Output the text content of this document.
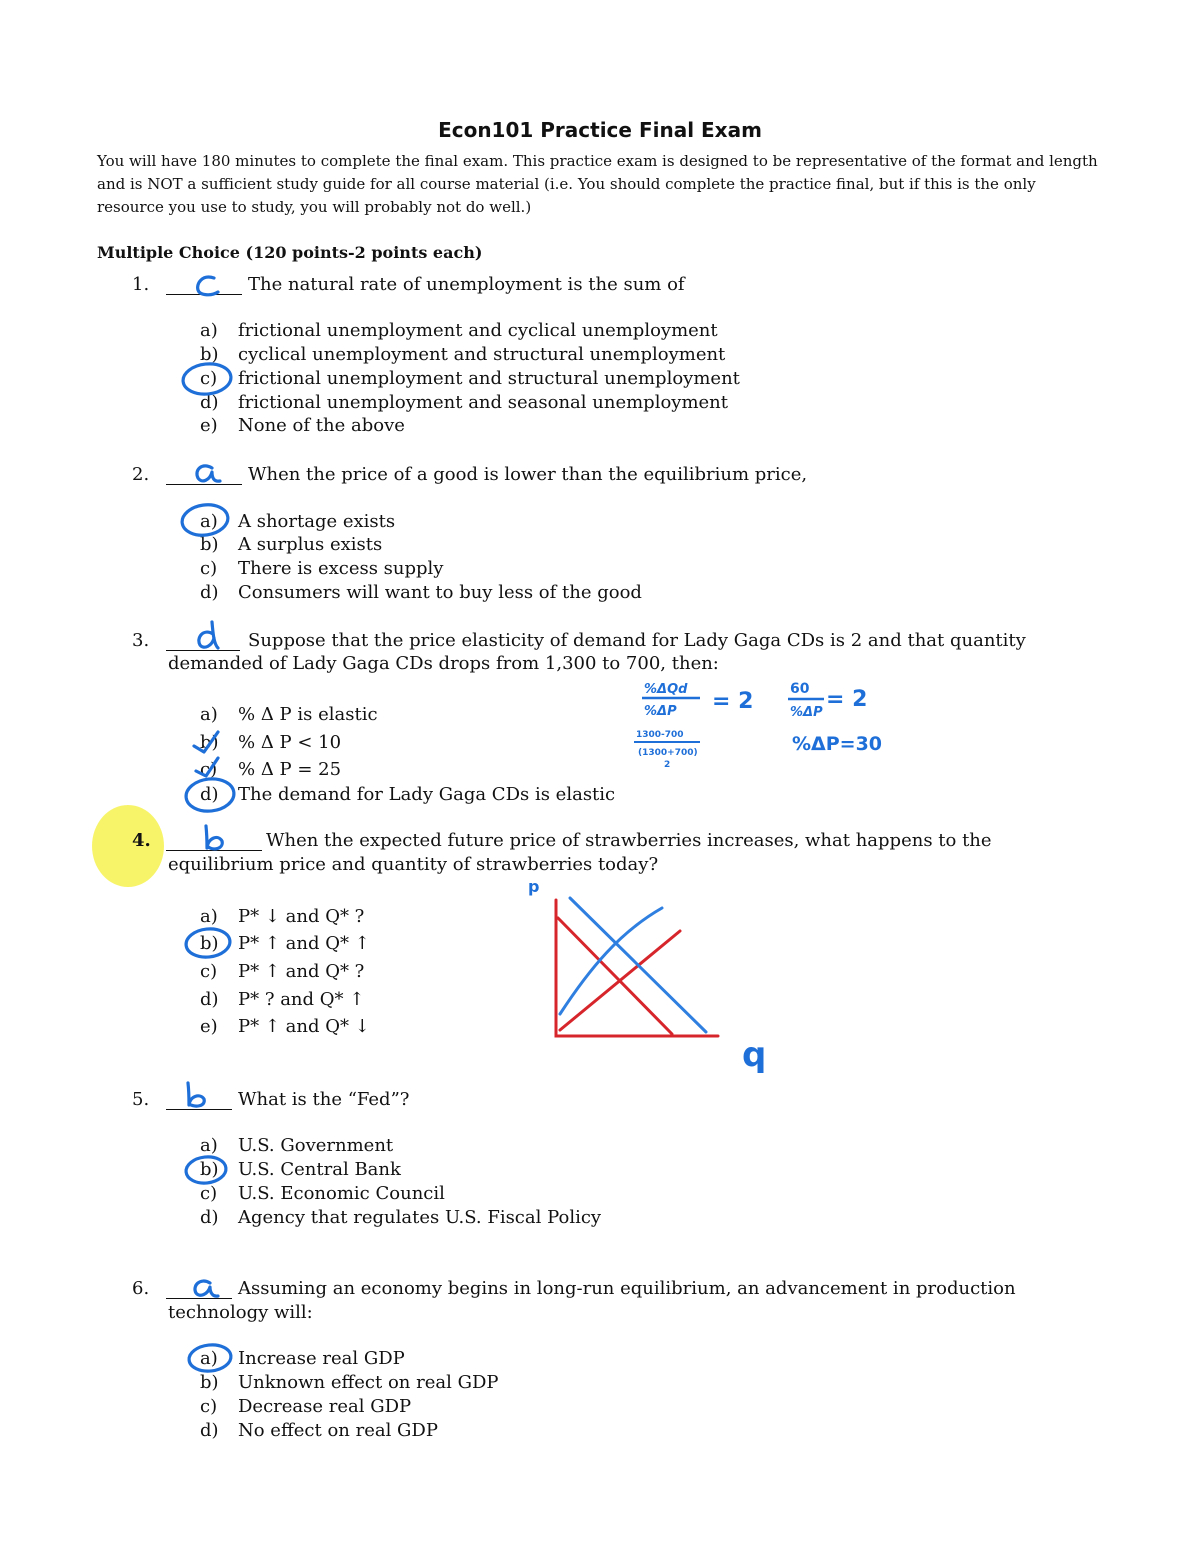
Econ101 Practice Final Exam
You will have 180 minutes to complete the final exam. This practice exam is designed to be representative of the format and length and is NOT a sufficient study guide for all course material (i.e. You should complete the practice final, but if this is the only resource you use to study, you will probably not do well.)
Multiple Choice (120 points-2 points each)
1.	The natural rate of unemployment is the sum of
a)	frictional unemployment and cyclical unemployment
b)	cyclical unemployment and structural unemployment
c)	frictional unemployment and structural unemployment
d)	frictional unemployment and seasonal unemployment
e)	None of the above
2.	When the price of a good is lower than the equilibrium price,
a)	A shortage exists
b)	A surplus exists
c)	There is excess supply
d)	Consumers will want to buy less of the good
3.	Suppose that the price elasticity of demand for Lady Gaga CDs is 2 and that quantity
demanded of Lady Gaga CDs drops from 1,300 to 700, then:
a)	% Δ P is elastic
b)	% Δ P < 10
c)	% Δ P = 25
d)	The demand for Lady Gaga CDs is elastic
4.	When the expected future price of strawberries increases, what happens to the
equilibrium price and quantity of strawberries today?
a)	P* ↓ and Q* ?
b)	P* ↑ and Q* ↑
c)	P* ↑ and Q* ?
d)	P* ? and Q* ↑
e)	P* ↑ and Q* ↓
5.	What is the “Fed”?
a)	U.S. Government
b)	U.S. Central Bank
c)	U.S. Economic Council
d)	Agency that regulates U.S. Fiscal Policy
6.	Assuming an economy begins in long-run equilibrium, an advancement in production
technology will:
a)	Increase real GDP
b)	Unknown effect on real GDP
c)	Decrease real GDP
d)	No effect on real GDP
%ΔQd
%ΔP = 2
1300-700
(1300+700)
2
60
%ΔP
= 2
%ΔP=30
p
q
